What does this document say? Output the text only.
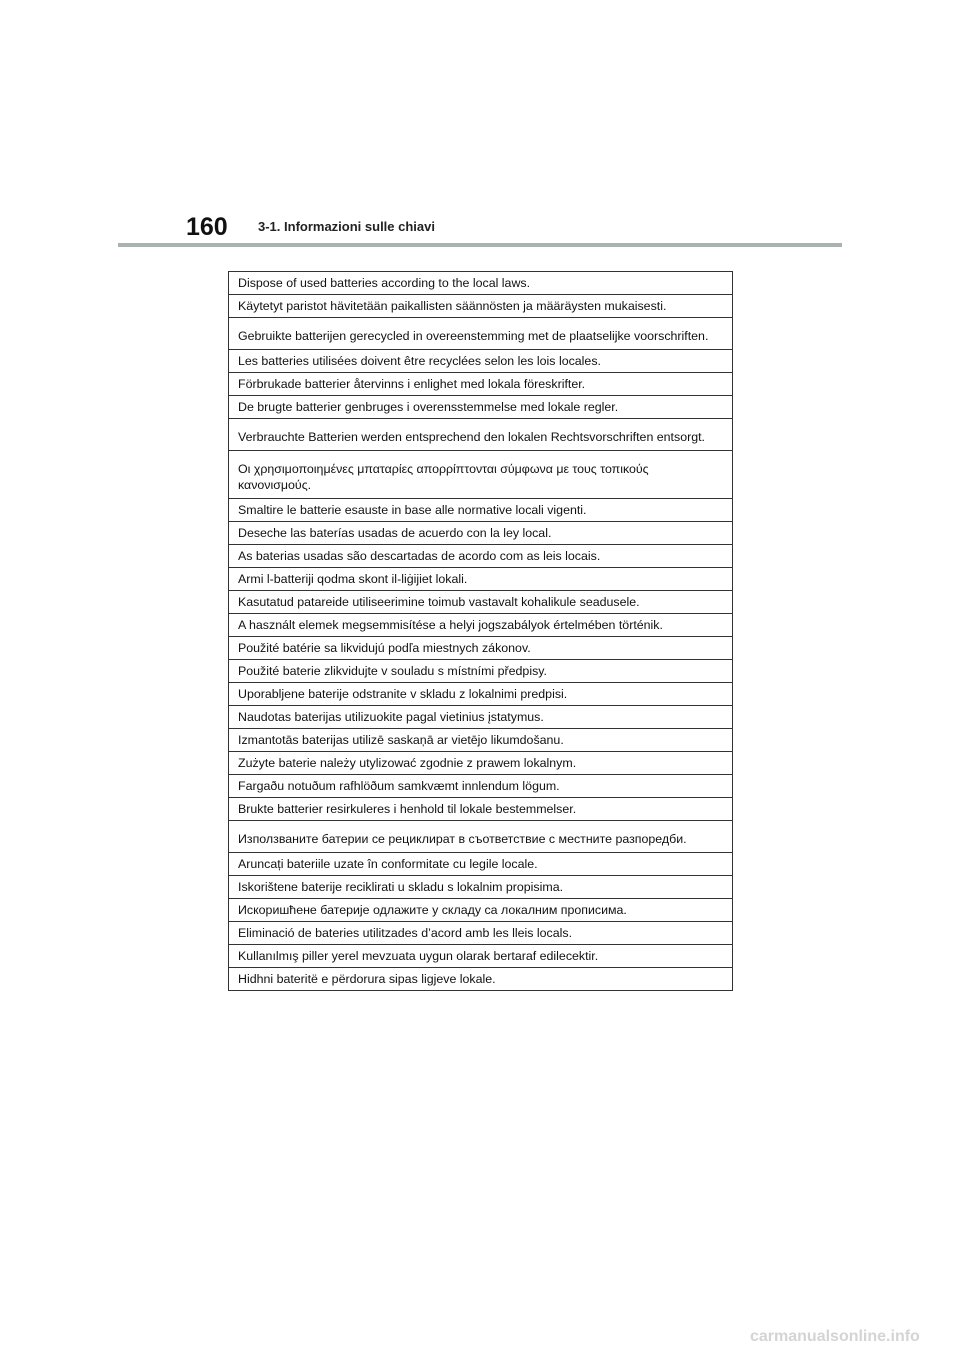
160 3-1. Informazioni sulle chiavi
Dispose of used batteries according to the local laws.
Käytetyt paristot hävitetään paikallisten säännösten ja määräysten mukaisesti.
Gebruikte batterijen gerecycled in overeenstemming met de plaatselijke voorschriften.
Les batteries utilisées doivent être recyclées selon les lois locales.
Förbrukade batterier återvinns i enlighet med lokala föreskrifter.
De brugte batterier genbruges i overensstemmelse med lokale regler.
Verbrauchte Batterien werden entsprechend den lokalen Rechtsvorschriften entsorgt.
Οι χρησιμοποιημένες μπαταρίες απορρίπτονται σύμφωνα με τους τοπικούς κανονισμούς.
Smaltire le batterie esauste in base alle normative locali vigenti.
Deseche las baterías usadas de acuerdo con la ley local.
As baterias usadas são descartadas de acordo com as leis locais.
Armi l-batteriji qodma skont il-liġijiet lokali.
Kasutatud patareide utiliseerimine toimub vastavalt kohalikule seadusele.
A használt elemek megsemmisítése a helyi jogszabályok értelmében történik.
Použité batérie sa likvidujú podľa miestnych zákonov.
Použité baterie zlikvidujte v souladu s místními předpisy.
Uporabljene baterije odstranite v skladu z lokalnimi predpisi.
Naudotas baterijas utilizuokite pagal vietinius įstatymus.
Izmantotās baterijas utilizē saskaņā ar vietējo likumdošanu.
Zużyte baterie należy utylizować zgodnie z prawem lokalnym.
Fargaðu notuðum rafhlöðum samkvæmt innlendum lögum.
Brukte batterier resirkuleres i henhold til lokale bestemmelser.
Използваните батерии се рециклират в съответствие с местните разпоредби.
Aruncați bateriile uzate în conformitate cu legile locale.
Iskorištene baterije reciklirati u skladu s lokalnim propisima.
Искоришћене батерије одлажите у складу са локалним прописима.
Eliminació de bateries utilitzades d’acord amb les lleis locals.
Kullanılmış piller yerel mevzuata uygun olarak bertaraf edilecektir.
Hidhni bateritë e përdorura sipas ligjeve lokale.
carmanualsonline.info
